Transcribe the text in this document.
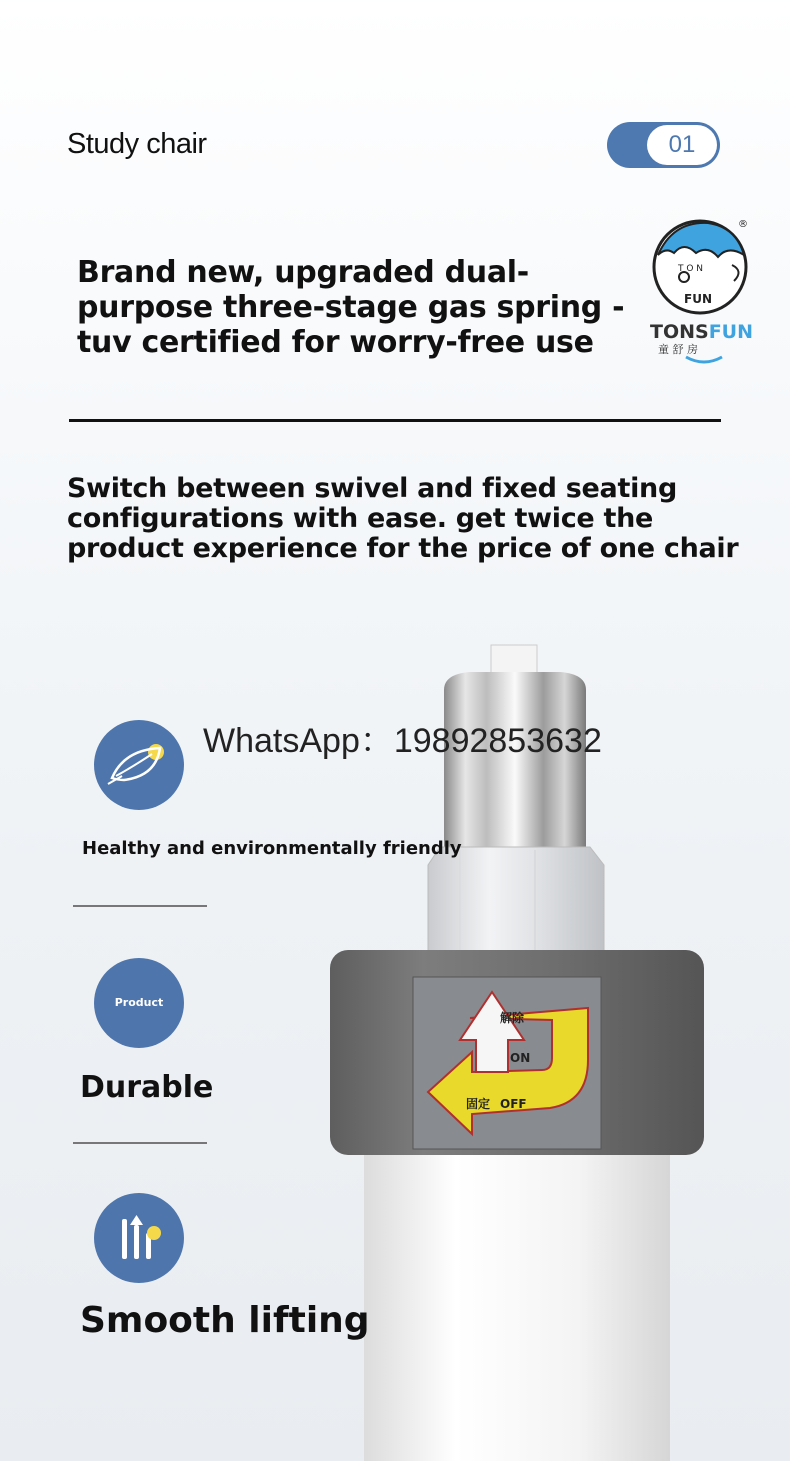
Study chair	01
Brand new, upgraded dual-purpose three-stage gas spring - tuv certified for worry-free use
T O N
FUN
®
TONSFUN
童 舒 房
Switch between swivel and fixed seating configurations with ease. get twice the product experience for the price of one chair
解除
ON
固定 OFF
WhatsApp：19892853632
Healthy and environmentally friendly
Product
Durable
Smooth lifting
